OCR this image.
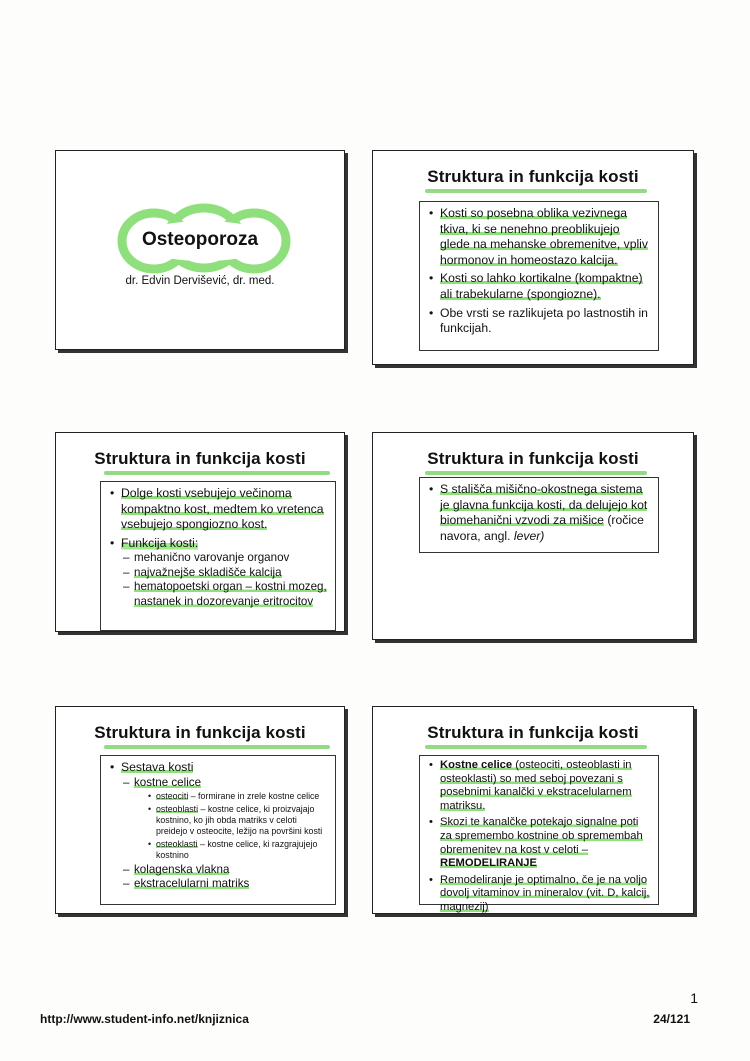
Osteoporoza
dr. Edvin Dervišević, dr. med.
Struktura in funkcija kosti
• Kosti so posebna oblika vezivnega tkiva, ki se nenehno preoblikujejo glede na mehanske obremenitve, vpliv hormonov in homeostazo kalcija.
• Kosti so lahko kortikalne (kompaktne) ali trabekularne (spongiozne).
• Obe vrsti se razlikujeta po lastnostih in funkcijah.
Struktura in funkcija kosti
• Dolge kosti vsebujejo večinoma kompaktno kost, medtem ko vretenca vsebujejo spongiozno kost.
• Funkcija kosti:
– mehanično varovanje organov
– najvažnejše skladišče kalcija
– hematopoetski organ – kostni mozeg, nastanek in dozorevanje eritrocitov
Struktura in funkcija kosti
• S stališča mišično-okostnega sistema je glavna funkcija kosti, da delujejo kot biomehanični vzvodi za mišice (ročice navora, angl. lever)
Struktura in funkcija kosti
• Sestava kosti
– kostne celice
• osteociti – formirane in zrele kostne celice
• osteoblasti – kostne celice, ki proizvajajo kostnino, ko jih obda matriks v celoti preidejo v osteocite, ležijo na površini kosti
• osteoklasti – kostne celice, ki razgrajujejo kostnino
– kolagenska vlakna
– ekstracelularni matriks
Struktura in funkcija kosti
• Kostne celice (osteociti, osteoblasti in osteoklasti) so med seboj povezani s posebnimi kanalčki v ekstracelularnem matriksu.
• Skozi te kanalčke potekajo signalne poti za spremembo kostnine ob spremembah obremenitev na kost v celoti – REMODELIRANJE
• Remodeliranje je optimalno, če je na voljo dovolj vitaminov in mineralov (vit. D, kalcij, magnezij)
1
http://www.student-info.net/knjiznica	24/121
